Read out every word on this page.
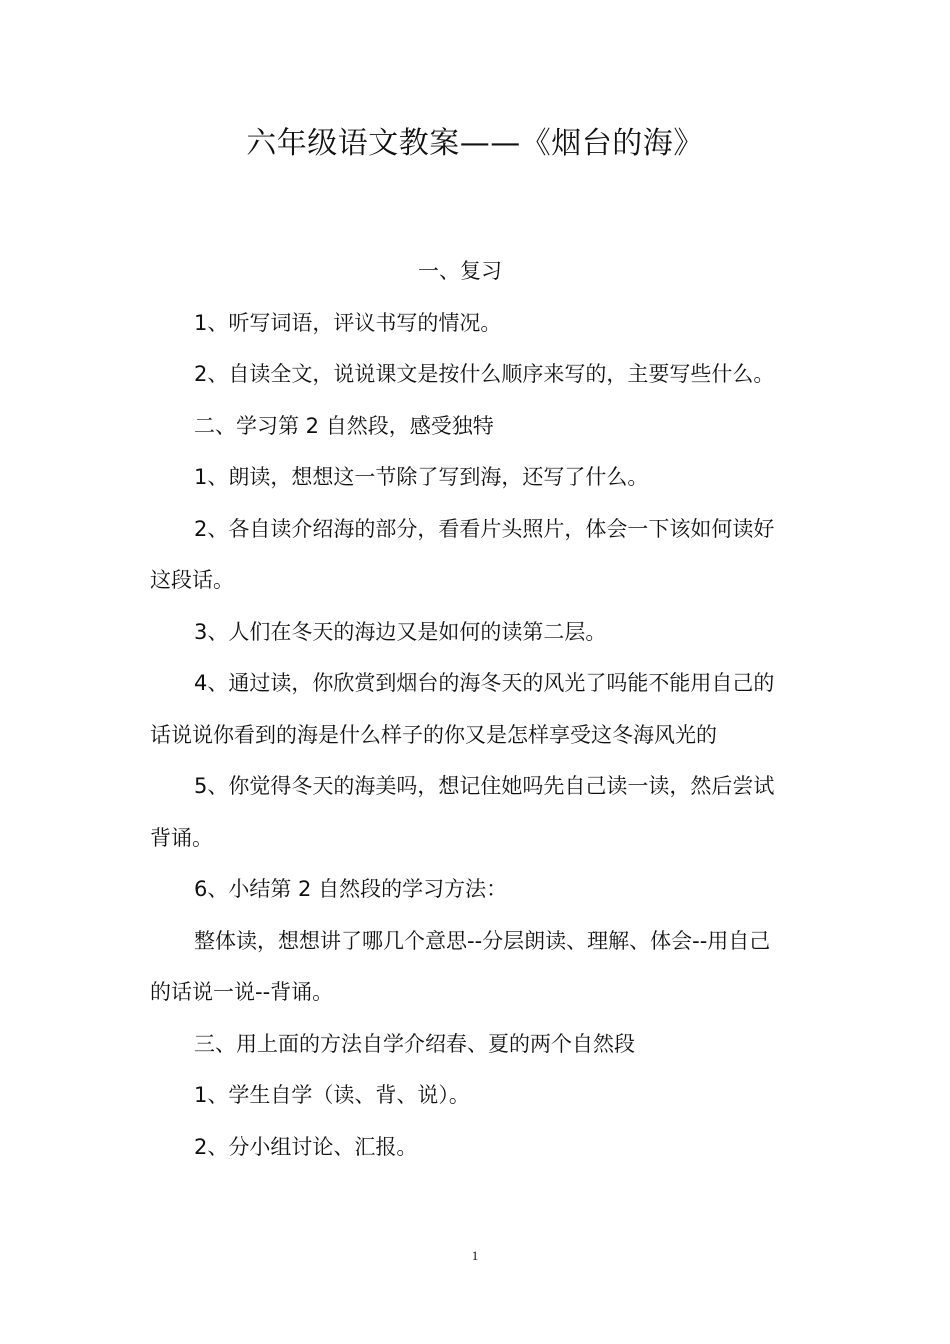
六年级语文教案——《烟台的海》

一、复习

1、听写词语，评议书写的情况。

2、自读全文，说说课文是按什么顺序来写的，主要写些什么。

二、学习第 2 自然段，感受独特

1、朗读，想想这一节除了写到海，还写了什么。

2、各自读介绍海的部分，看看片头照片，体会一下该如何读好这段话。

3、人们在冬天的海边又是如何的读第二层。

4、通过读，你欣赏到烟台的海冬天的风光了吗能不能用自己的话说说你看到的海是什么样子的你又是怎样享受这冬海风光的

5、你觉得冬天的海美吗，想记住她吗先自己读一读，然后尝试背诵。

6、小结第 2 自然段的学习方法：

整体读，想想讲了哪几个意思--分层朗读、理解、体会--用自己的话说一说--背诵。

三、用上面的方法自学介绍春、夏的两个自然段

1、学生自学（读、背、说）。

2、分小组讨论、汇报。

1
